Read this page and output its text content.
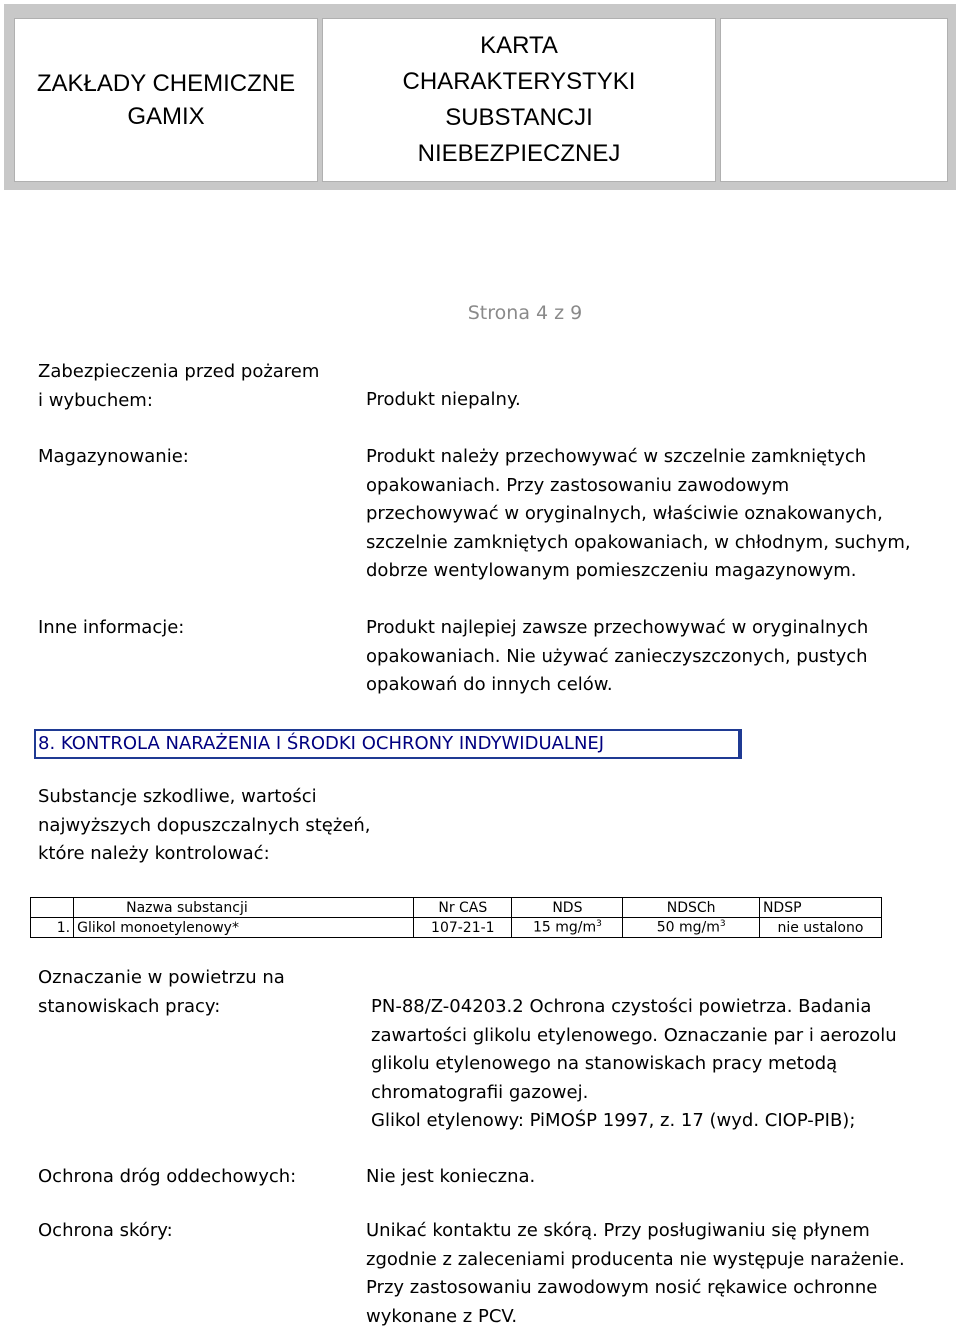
ZAKŁADY CHEMICZNE
GAMIX
KARTA
CHARAKTERYSTYKI
SUBSTANCJI
NIEBEZPIECZNEJ
Strona 4 z 9
Zabezpieczenia przed pożarem
i wybuchem:	Produkt niepalny.
Magazynowanie:	Produkt należy przechowywać w szczelnie zamkniętych
opakowaniach. Przy zastosowaniu zawodowym
przechowywać w oryginalnych, właściwie oznakowanych,
szczelnie zamkniętych opakowaniach, w chłodnym, suchym,
dobrze wentylowanym pomieszczeniu magazynowym.
Inne informacje:	Produkt najlepiej zawsze przechowywać w oryginalnych
opakowaniach. Nie używać zanieczyszczonych, pustych
opakowań do innych celów.
8. KONTROLA NARAŻENIA I ŚRODKI OCHRONY INDYWIDUALNEJ
Substancje szkodliwe, wartości
najwyższych dopuszczalnych stężeń,
które należy kontrolować:
	Nazwa substancji	Nr CAS	NDS	NDSCh	NDSP
1.	Glikol monoetylenowy*	107-21-1	15 $mg/m^3$	50 $mg/m^3$	nie ustalono
Oznaczanie w powietrzu na
stanowiskach pracy:	PN-88/Z-04203.2 Ochrona czystości powietrza. Badania
zawartości glikolu etylenowego. Oznaczanie par i aerozolu
glikolu etylenowego na stanowiskach pracy metodą
chromatografii gazowej.
Glikol etylenowy: PiMOŚP 1997, z. 17 (wyd. CIOP-PIB);
Ochrona dróg oddechowych:	Nie jest konieczna.
Ochrona skóry:	Unikać kontaktu ze skórą. Przy posługiwaniu się płynem
zgodnie z zaleceniami producenta nie występuje narażenie.
Przy zastosowaniu zawodowym nosić rękawice ochronne
wykonane z PCV.
